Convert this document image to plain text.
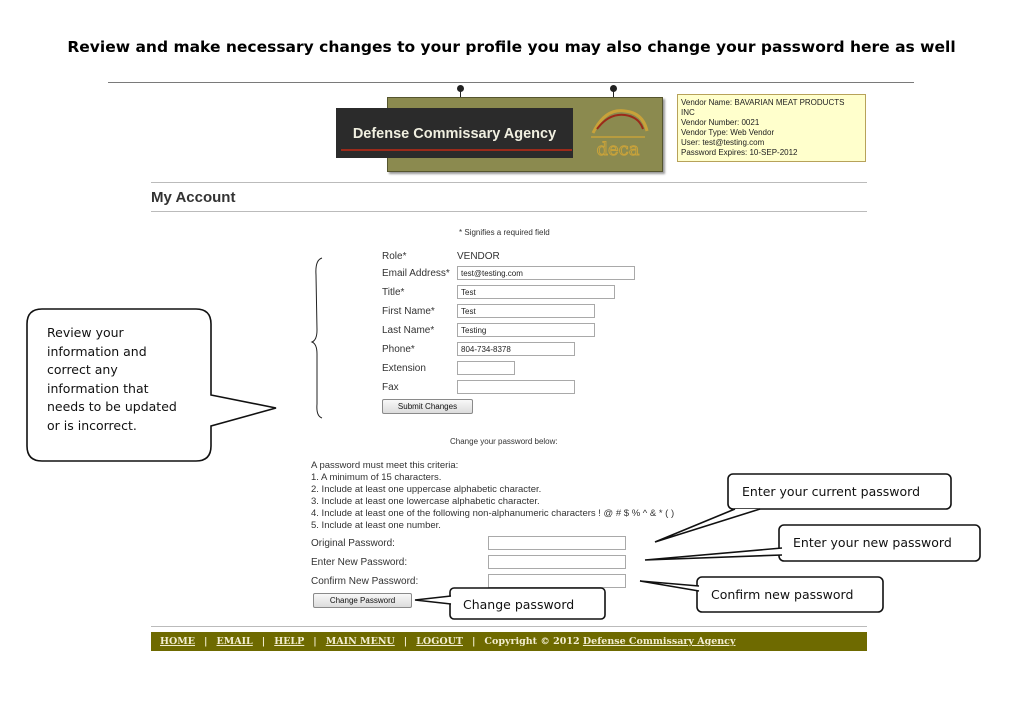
Review and make necessary changes to your profile you may also change your password here as well
Defense Commissary Agency
deca
Vendor Name: BAVARIAN MEAT PRODUCTS
INC
Vendor Number: 0021
Vendor Type: Web Vendor
User: test@testing.com
Password Expires: 10-SEP-2012
My Account
* Signifies a required field
Role*	VENDOR
Email Address*	test@testing.com
Title*	Test
First Name*	Test
Last Name*	Testing
Phone*	804-734-8378
Extension
Fax
Submit Changes
Change your password below:
A password must meet this criteria:
1. A minimum of 15 characters.
2. Include at least one uppercase alphabetic character.
3. Include at least one lowercase alphabetic character.
4. Include at least one of the following non-alphanumeric characters ! @ # $ % ^ & * ( )
5. Include at least one number.
Original Password:
Enter New Password:
Confirm New Password:
Change Password
HOME | EMAIL | HELP | MAIN MENU | LOGOUT | Copyright © 2012 Defense Commissary Agency
Review your
information and
correct any
information that
needs to be updated
or is incorrect.
Enter your current password
Enter your new password
Confirm new password
Change password
